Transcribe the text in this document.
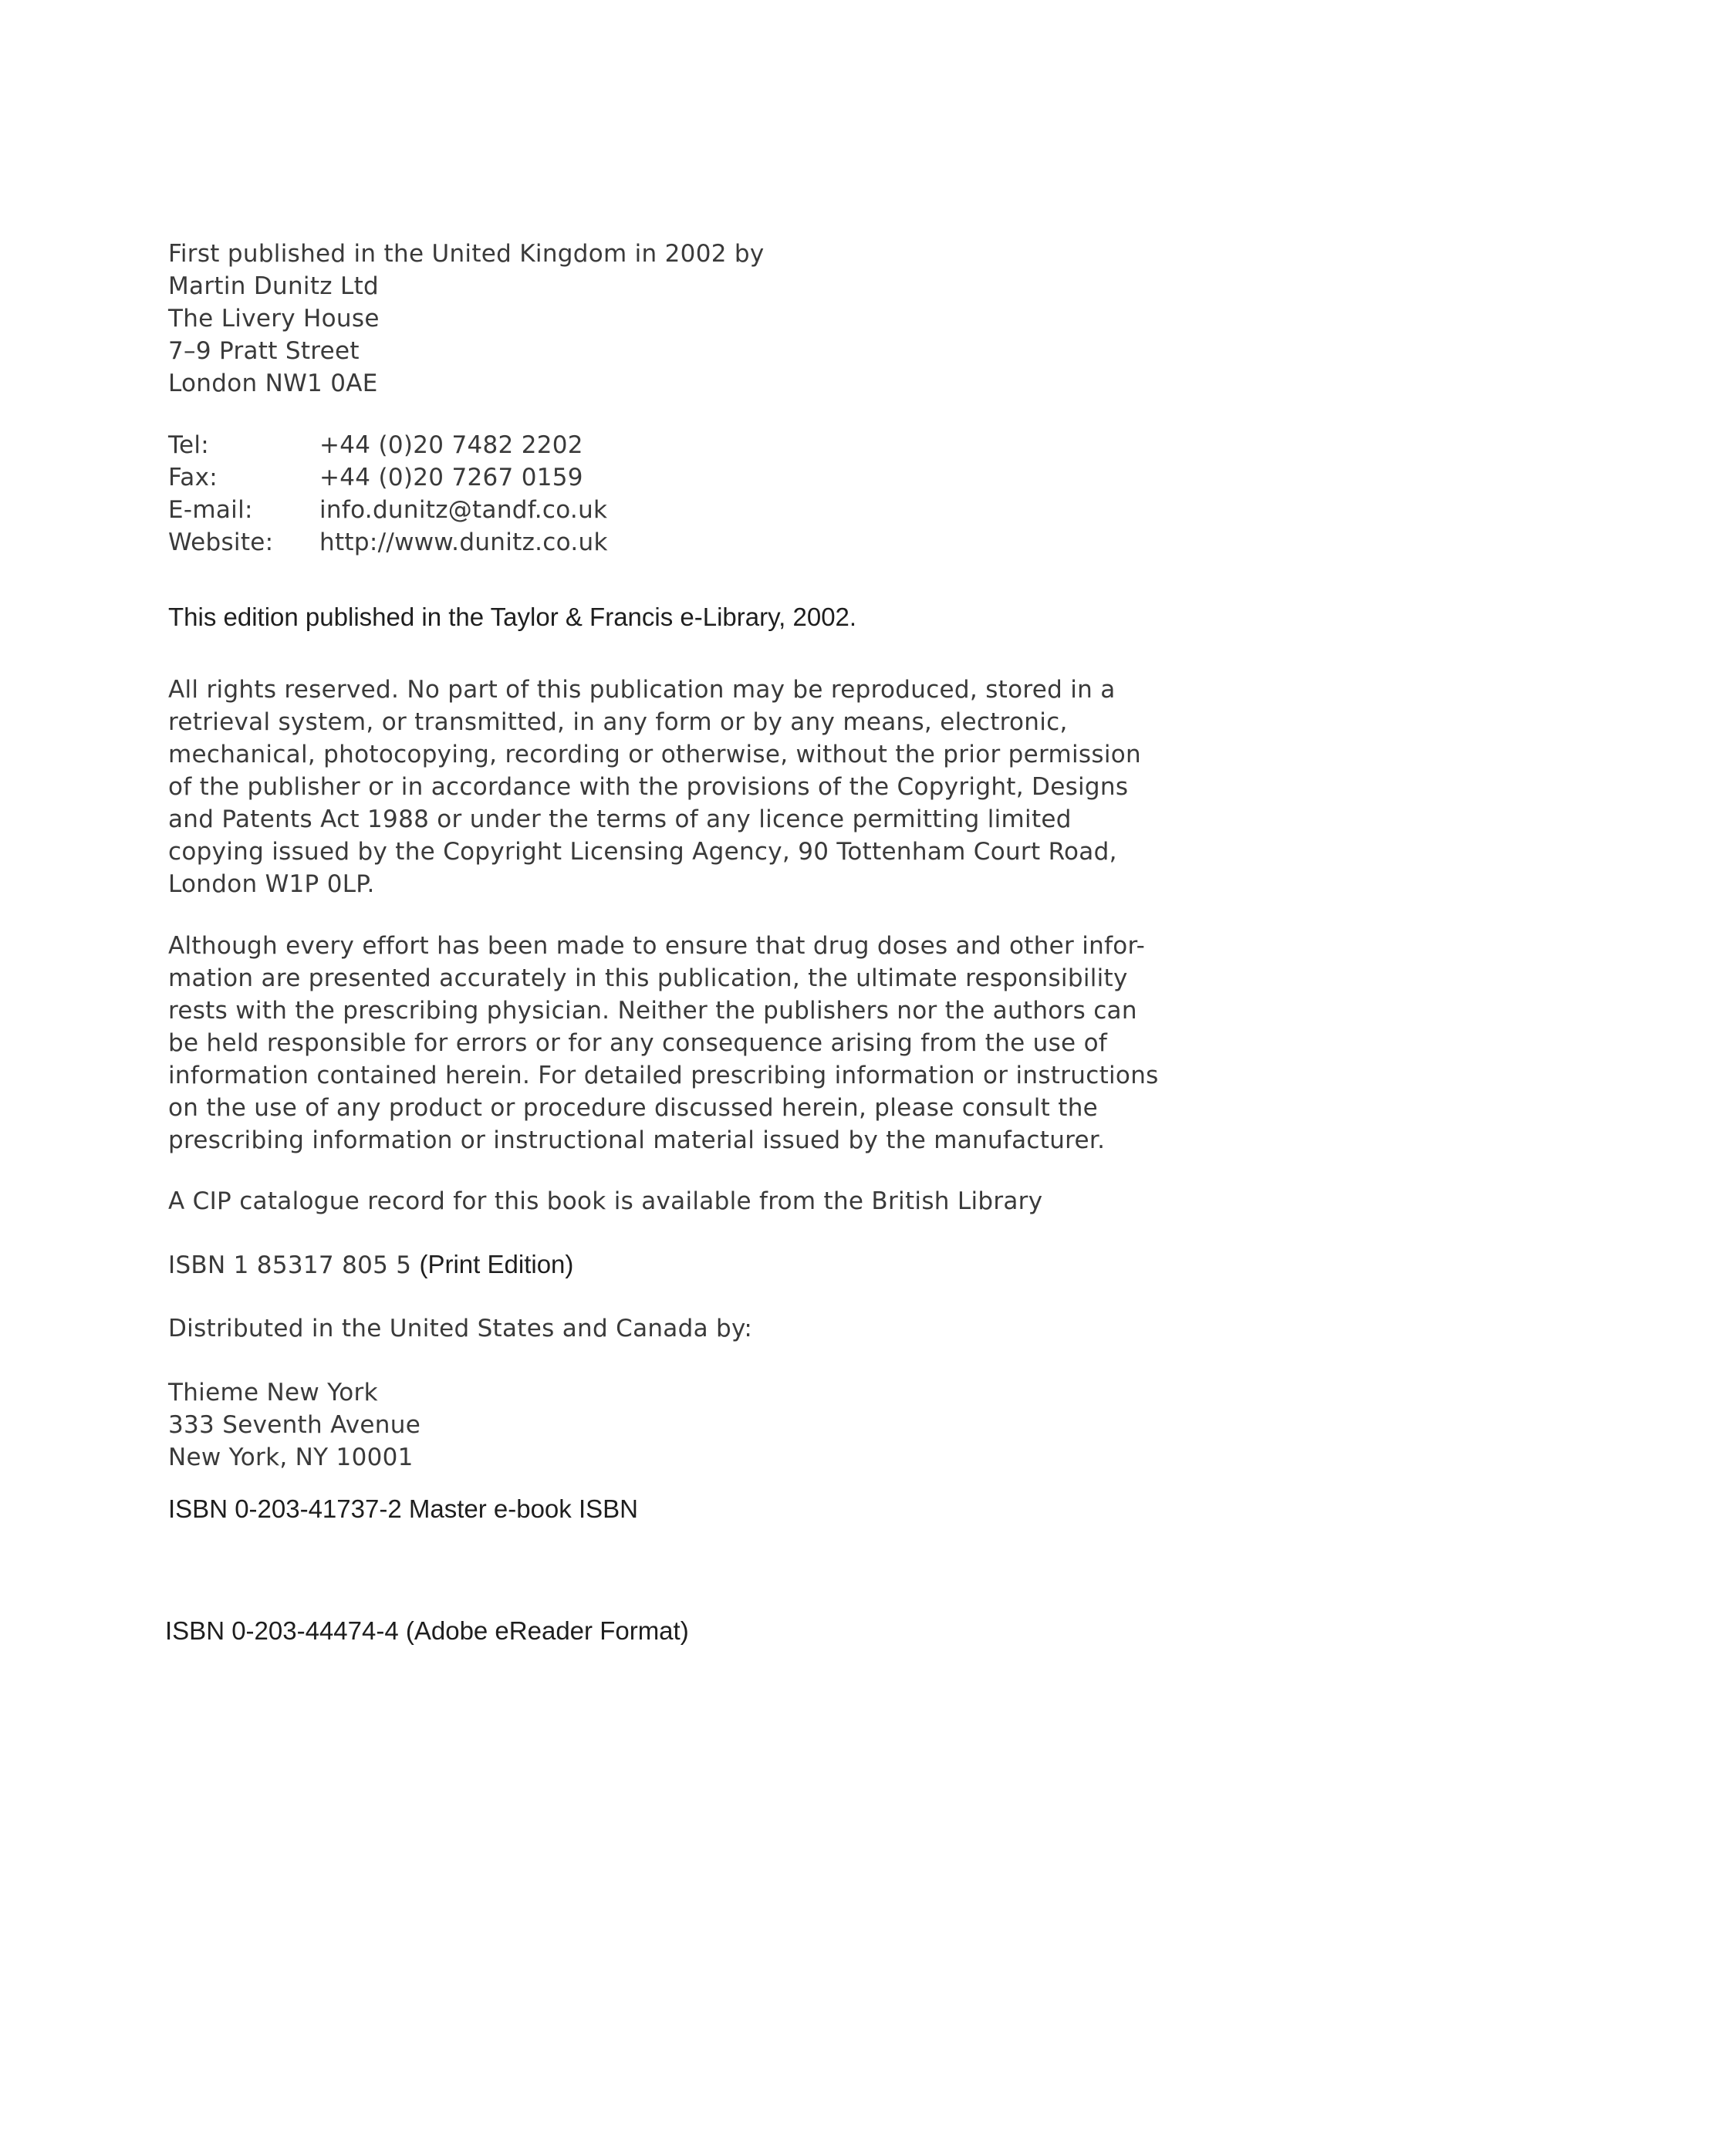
First published in the United Kingdom in 2002 by
Martin Dunitz Ltd
The Livery House
7–9 Pratt Street
London NW1 0AE
Tel:	+44 (0)20 7482 2202
Fax:	+44 (0)20 7267 0159
E-mail:	info.dunitz@tandf.co.uk
Website: http://www.dunitz.co.uk
This edition published in the Taylor & Francis e-Library, 2002.
All rights reserved. No part of this publication may be reproduced, stored in a
retrieval system, or transmitted, in any form or by any means, electronic,
mechanical, photocopying, recording or otherwise, without the prior permission
of the publisher or in accordance with the provisions of the Copyright, Designs
and Patents Act 1988 or under the terms of any licence permitting limited
copying issued by the Copyright Licensing Agency, 90 Tottenham Court Road,
London W1P 0LP.
Although every effort has been made to ensure that drug doses and other infor-
mation are presented accurately in this publication, the ultimate responsibility
rests with the prescribing physician. Neither the publishers nor the authors can
be held responsible for errors or for any consequence arising from the use of
information contained herein. For detailed prescribing information or instructions
on the use of any product or procedure discussed herein, please consult the
prescribing information or instructional material issued by the manufacturer.
A CIP catalogue record for this book is available from the British Library
ISBN 1 85317 805 5 (Print Edition)
Distributed in the United States and Canada by:
Thieme New York
333 Seventh Avenue
New York, NY 10001
ISBN 0-203-41737-2 Master e-book ISBN
ISBN 0-203-44474-4 (Adobe eReader Format)
